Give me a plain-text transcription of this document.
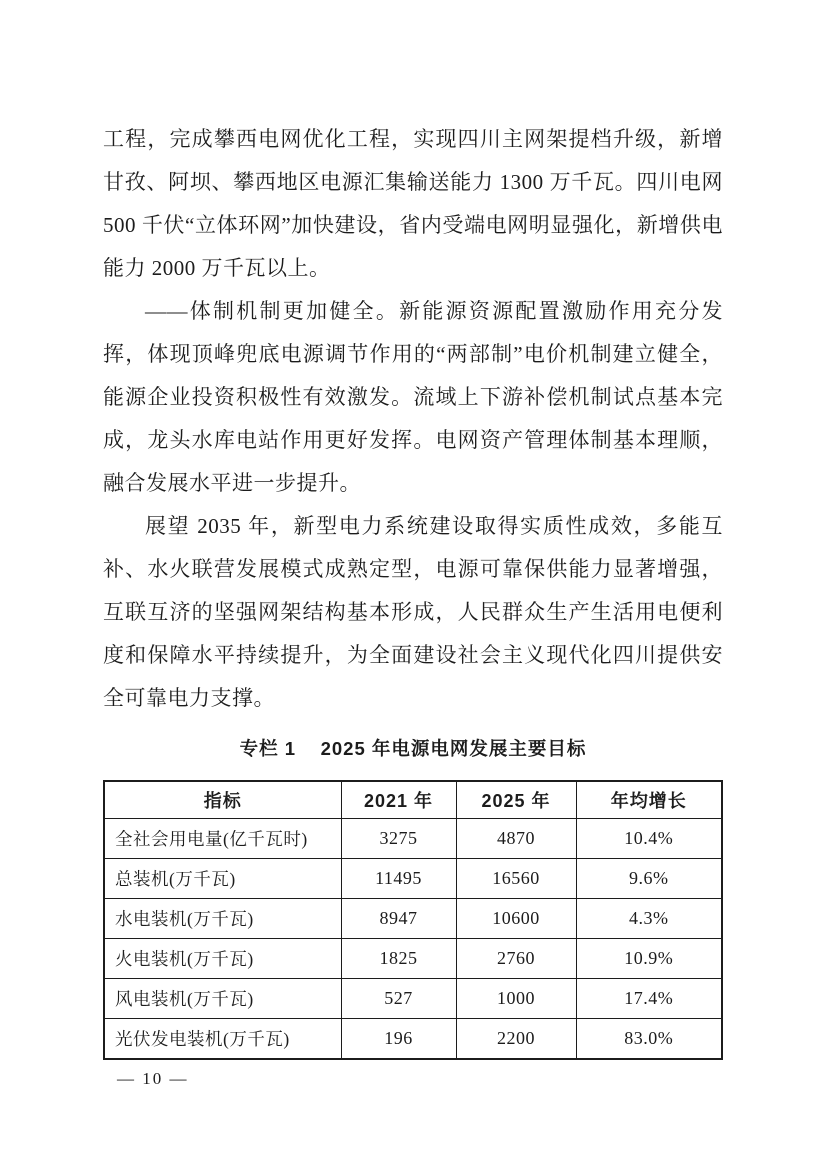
工程，完成攀西电网优化工程，实现四川主网架提档升级，新增甘孜、阿坝、攀西地区电源汇集输送能力 1300 万千瓦。四川电网 500 千伏“立体环网”加快建设，省内受端电网明显强化，新增供电能力 2000 万千瓦以上。

——体制机制更加健全。新能源资源配置激励作用充分发挥，体现顶峰兜底电源调节作用的“两部制”电价机制建立健全，能源企业投资积极性有效激发。流域上下游补偿机制试点基本完成，龙头水库电站作用更好发挥。电网资产管理体制基本理顺，融合发展水平进一步提升。

展望 2035 年，新型电力系统建设取得实质性成效，多能互补、水火联营发展模式成熟定型，电源可靠保供能力显著增强，互联互济的坚强网架结构基本形成，人民群众生产生活用电便利度和保障水平持续提升，为全面建设社会主义现代化四川提供安全可靠电力支撑。

专栏 1 2025 年电源电网发展主要目标
指标	2021 年	2025 年	年均增长
全社会用电量(亿千瓦时)	3275	4870	10.4%
总装机(万千瓦)	11495	16560	9.6%
水电装机(万千瓦)	8947	10600	4.3%
火电装机(万千瓦)	1825	2760	10.9%
风电装机(万千瓦)	527	1000	17.4%
光伏发电装机(万千瓦)	196	2200	83.0%
— 10 —
